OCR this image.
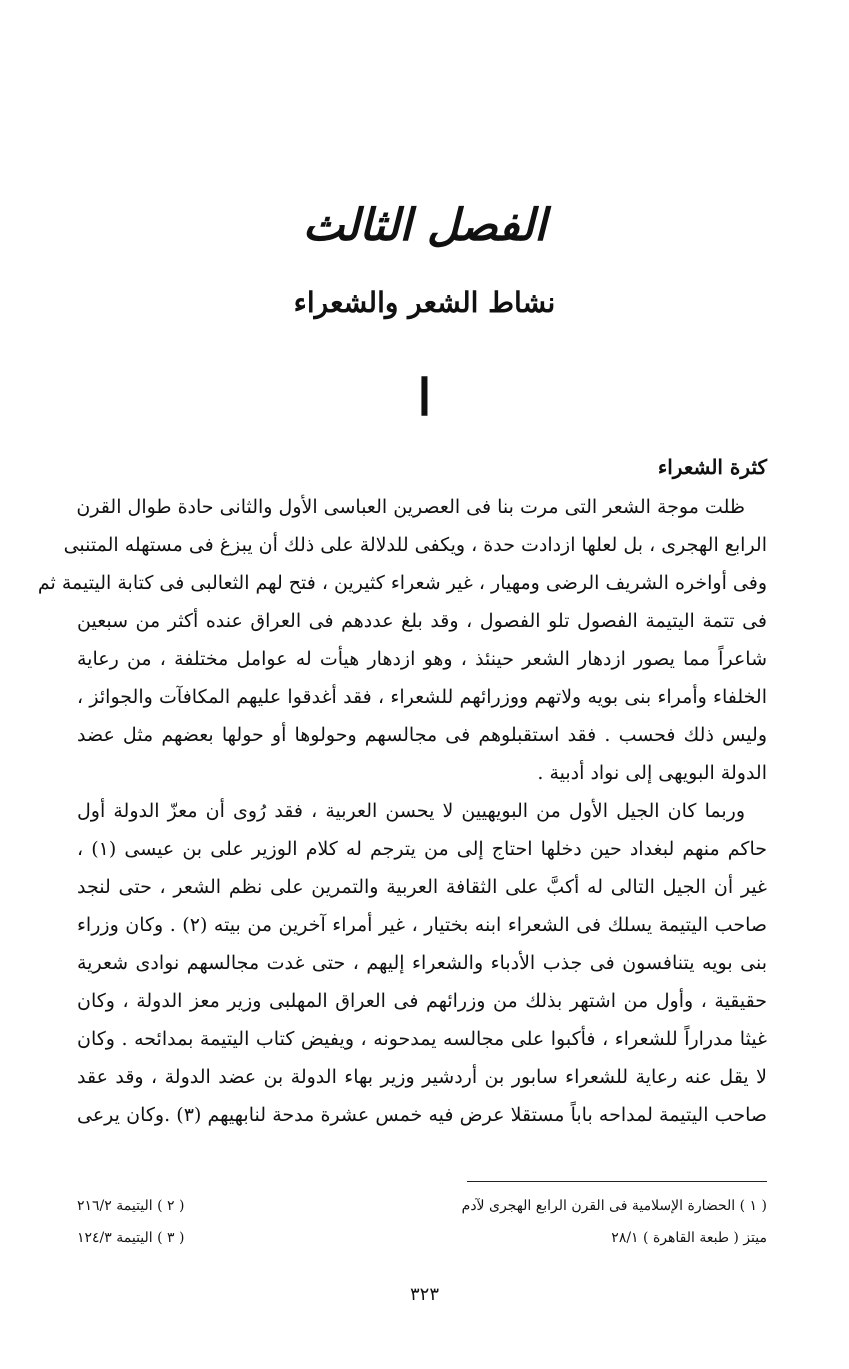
الفصل الثالث
نشاط الشعر والشعراء
ا
كثرة الشعراء
ظلت موجة الشعر التى مرت بنا فى العصرين العباسى الأول والثانى حادة طوال القرن
الرابع الهجرى ، بل لعلها ازدادت حدة ، ويكفى للدلالة على ذلك أن يبزغ فى مستهله المتنبى
وفى أواخره الشريف الرضى ومهيار ، غير شعراء كثيرين ، فتح لهم الثعالبى فى كتابة اليتيمة ثم
فى تتمة اليتيمة الفصول تلو الفصول ، وقد بلغ عددهم فى العراق عنده أكثر من سبعين
شاعراً مما يصور ازدهار الشعر حينئذ ، وهو ازدهار هيأت له عوامل مختلفة ، من رعاية
الخلفاء وأمراء بنى بويه ولاتهم ووزرائهم للشعراء ، فقد أغدقوا عليهم المكافآت والجوائز ،
وليس ذلك فحسب . فقد استقبلوهم فى مجالسهم وحولوها أو حولها بعضهم مثل عضد
الدولة البويهى إلى نواد أدبية .
وربما كان الجيل الأول من البويهيين لا يحسن العربية ، فقد رُوى أن معزّ الدولة أول
حاكم منهم لبغداد حين دخلها احتاج إلى من يترجم له كلام الوزير على بن عيسى (١) ،
غير أن الجيل التالى له أكبَّ على الثقافة العربية والتمرين على نظم الشعر ، حتى لنجد
صاحب اليتيمة يسلك فى الشعراء ابنه بختيار ، غير أمراء آخرين من بيته (٢) . وكان وزراء
بنى بويه يتنافسون فى جذب الأدباء والشعراء إليهم ، حتى غدت مجالسهم نوادى شعرية
حقيقية ، وأول من اشتهر بذلك من وزرائهم فى العراق المهلبى وزير معز الدولة ، وكان
غيثا مدراراً للشعراء ، فأكبوا على مجالسه يمدحونه ، ويفيض كتاب اليتيمة بمدائحه . وكان
لا يقل عنه رعاية للشعراء سابور بن أردشير وزير بهاء الدولة بن عضد الدولة ، وقد عقد
صاحب اليتيمة لمداحه باباً مستقلا عرض فيه خمس عشرة مدحة لنابهيهم (٣) .وكان يرعى
( ١ ) الحضارة الإسلامية فى القرن الرابع الهجرى لآدم
( ٢ ) اليتيمة ٢١٦/٢
ميتز ( طبعة القاهرة ) ٢٨/١
( ٣ ) اليتيمة ١٢٤/٣
٣٢٣
